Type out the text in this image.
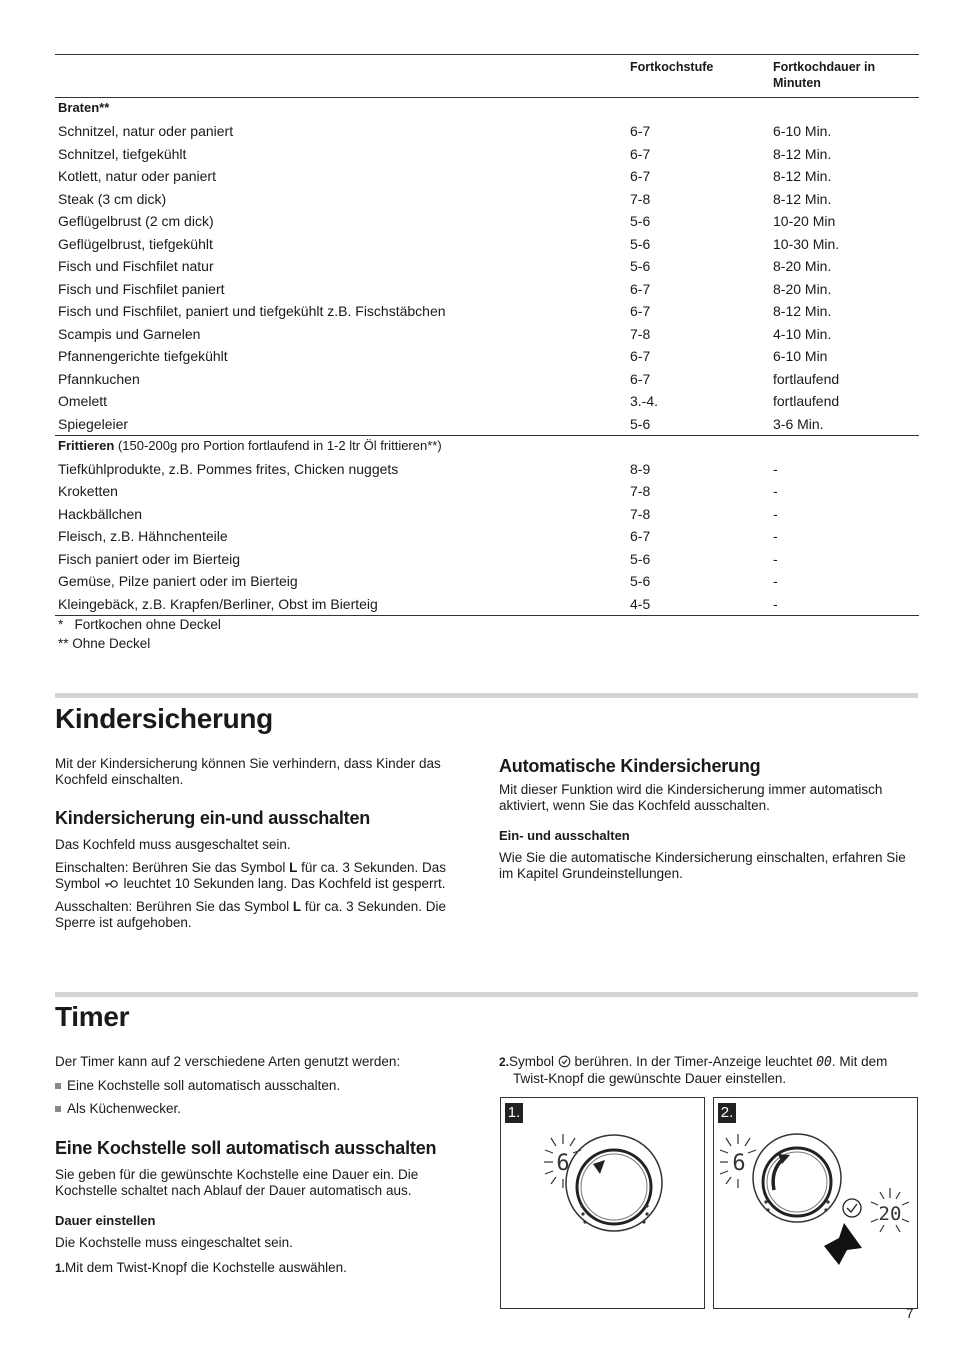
	Fortkochstufe	Fortkochdauer in Minuten
Braten**		
Schnitzel, natur oder paniert	6-7	6-10 Min.
Schnitzel, tiefgekühlt	6-7	8-12 Min.
Kotlett, natur oder paniert	6-7	8-12 Min.
Steak (3 cm dick)	7-8	8-12 Min.
Geflügelbrust (2 cm dick)	5-6	10-20 Min
Geflügelbrust, tiefgekühlt	5-6	10-30 Min.
Fisch und Fischfilet natur	5-6	8-20 Min.
Fisch und Fischfilet paniert	6-7	8-20 Min.
Fisch und Fischfilet, paniert und tiefgekühlt z.B. Fischstäbchen	6-7	8-12 Min.
Scampis und Garnelen	7-8	4-10 Min.
Pfannengerichte tiefgekühlt	6-7	6-10 Min
Pfannkuchen	6-7	fortlaufend
Omelett	3.-4.	fortlaufend
Spiegeleier	5-6	3-6 Min.
Frittieren (150-200g pro Portion fortlaufend in 1-2 ltr Öl frittieren**)		
Tiefkühlprodukte, z.B. Pommes frites, Chicken nuggets	8-9	-
Kroketten	7-8	-
Hackbällchen	7-8	-
Fleisch, z.B. Hähnchenteile	6-7	-
Fisch paniert oder im Bierteig	5-6	-
Gemüse, Pilze paniert oder im Bierteig	5-6	-
Kleingebäck, z.B. Krapfen/Berliner, Obst im Bierteig	4-5	-
*   Fortkochen ohne Deckel
** Ohne Deckel
Kindersicherung

Mit der Kindersicherung können Sie verhindern, dass Kinder das Kochfeld einschalten.

Kindersicherung ein-und ausschalten

Das Kochfeld muss ausgeschaltet sein.

Einschalten: Berühren Sie das Symbol L für ca. 3 Sekunden. Das Symbol  leuchtet 10 Sekunden lang. Das Kochfeld ist gesperrt.

Ausschalten: Berühren Sie das Symbol L für ca. 3 Sekunden. Die Sperre ist aufgehoben.

Automatische Kindersicherung

Mit dieser Funktion wird die Kindersicherung immer automatisch aktiviert, wenn Sie das Kochfeld ausschalten.

Ein- und ausschalten

Wie Sie die automatische Kindersicherung einschalten, erfahren Sie im Kapitel Grundeinstellungen.

Timer

Der Timer kann auf 2 verschiedene Arten genutzt werden:

Eine Kochstelle soll automatisch ausschalten.

Als Küchenwecker.

Eine Kochstelle soll automatisch ausschalten

Sie geben für die gewünschte Kochstelle eine Dauer ein. Die Kochstelle schaltet nach Ablauf der Dauer automatisch aus.

Dauer einstellen

Die Kochstelle muss eingeschaltet sein.

1.Mit dem Twist-Knopf die Kochstelle auswählen.

2.Symbol  berühren. In der Timer-Anzeige leuchtet 00. Mit dem Twist-Knopf die gewünschte Dauer einstellen.

1.
6
2.
6
20
7
